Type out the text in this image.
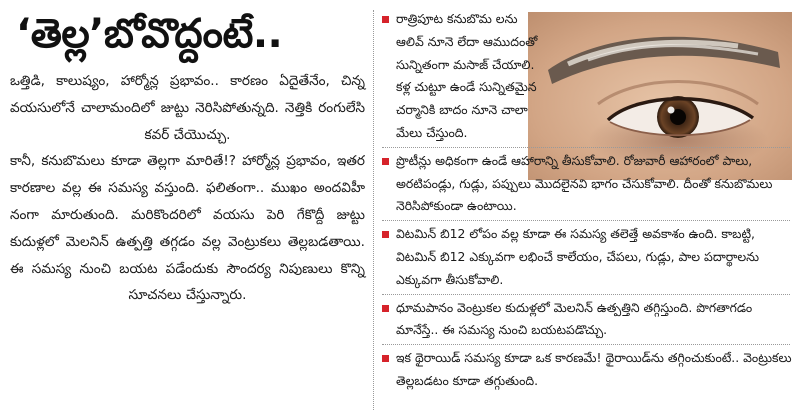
‘తెల్ల’బోవొద్దంటే..

ఒత్తిడి, కాలుష్యం, హార్మోన్ల ప్రభావం.. కారణం ఏదైతేనేం, చిన్న వయసులోనే చాలామందిలో జుట్టు నెరిసిపోతున్నది. నెత్తికి రంగులేసి కవర్ చేయొచ్చు.

కానీ, కనుబొమలు కూడా తెల్లగా మారితే!? హార్మోన్ల ప్రభావం, ఇతర కారణాల వల్ల ఈ సమస్య వస్తుంది. ఫలితంగా.. ముఖం అందవిహీ నంగా మారుతుంది. మరికొందరిలో వయసు పెరి గేకొద్దీ జుట్టు కుదుళ్లలో మెలనిన్ ఉత్పత్తి తగ్గడం వల్ల వెంట్రుకలు తెల్లబడతాయి. ఈ సమస్య నుంచి బయట పడేందుకు సౌందర్య నిపుణులు కొన్ని సూచనలు చేస్తున్నారు.

రాత్రిపూట కనుబొమ లను ఆలివ్ నూనె లేదా ఆముదంతో సున్నితంగా మసాజ్ చేయాలి. కళ్ల చుట్టూ ఉండే సున్నితమైన చర్మానికి బాదం నూనె చాలా మేలు చేస్తుంది.
ప్రొటీన్లు అధికంగా ఉండే ఆహారాన్ని తీసుకోవాలి. రోజువారీ ఆహారంలో పాలు, అరటిపండ్లు, గుడ్లు, పప్పులు మొదలైనవి భాగం చేసుకోవాలి. దీంతో కనుబొమలు నెరిసిపోకుండా ఉంటాయి.
విటమిన్ బి12 లోపం వల్ల కూడా ఈ సమస్య తలెత్తే అవకాశం ఉంది. కాబట్టి, విటమిన్ బి12 ఎక్కువగా లభించే కాలేయం, చేపలు, గుడ్లు, పాల పదార్థాలను ఎక్కువగా తీసుకోవాలి.
ధూమపానం వెంట్రుకల కుదుళ్లలో మెలనిన్ ఉత్పత్తిని తగ్గిస్తుంది. పొగతాగడం మానేస్తే.. ఈ సమస్య నుంచి బయటపడొచ్చు.
ఇక థైరాయిడ్ సమస్య కూడా ఒక కారణమే! థైరాయిడ్‌ను తగ్గించుకుంటే.. వెంట్రుకలు తెల్లబడటం కూడా తగ్గుతుంది.
